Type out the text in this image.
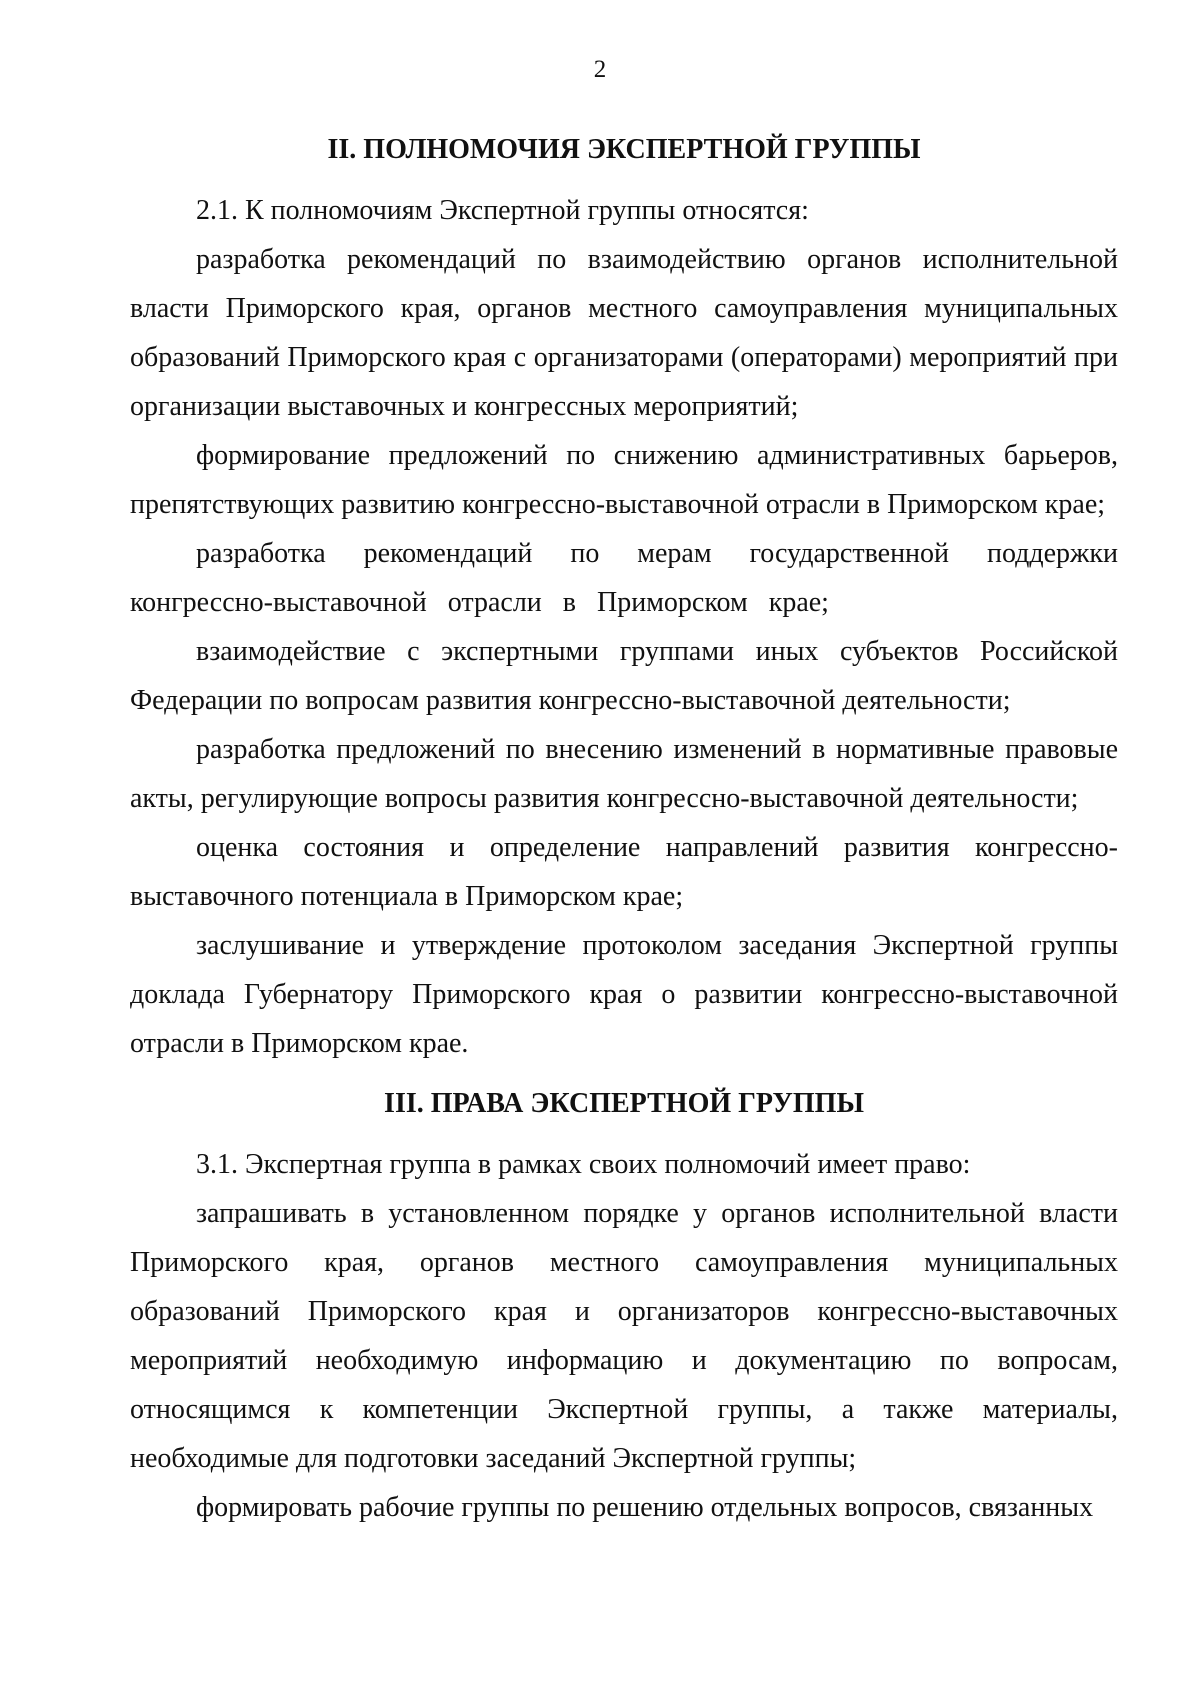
2
II. ПОЛНОМОЧИЯ ЭКСПЕРТНОЙ ГРУППЫ

2.1. К полномочиям Экспертной группы относятся:

разработка рекомендаций по взаимодействию органов исполнительной власти Приморского края, органов местного самоуправления муниципальных образований Приморского края с организаторами (операторами) мероприятий при организации выставочных и конгрессных мероприятий;

формирование предложений по снижению административных барьеров, препятствующих развитию конгрессно-выставочной отрасли в Приморском крае;

разработка рекомендаций по мерам государственной поддержки конгрессно-выставочной отрасли в Приморском крае;

взаимодействие с экспертными группами иных субъектов Российской Федерации по вопросам развития конгрессно-выставочной деятельности;

разработка предложений по внесению изменений в нормативные правовые акты, регулирующие вопросы развития конгрессно-выставочной деятельности;

оценка состояния и определение направлений развития конгрессно-выставочного потенциала в Приморском крае;

заслушивание и утверждение протоколом заседания Экспертной группы доклада Губернатору Приморского края о развитии конгрессно-выставочной отрасли в Приморском крае.

III. ПРАВА ЭКСПЕРТНОЙ ГРУППЫ

3.1. Экспертная группа в рамках своих полномочий имеет право:

запрашивать в установленном порядке у органов исполнительной власти Приморского края, органов местного самоуправления муниципальных образований Приморского края и организаторов конгрессно-выставочных мероприятий необходимую информацию и документацию по вопросам, относящимся к компетенции Экспертной группы, а также материалы, необходимые для подготовки заседаний Экспертной группы;

формировать рабочие группы по решению отдельных вопросов, связанных
